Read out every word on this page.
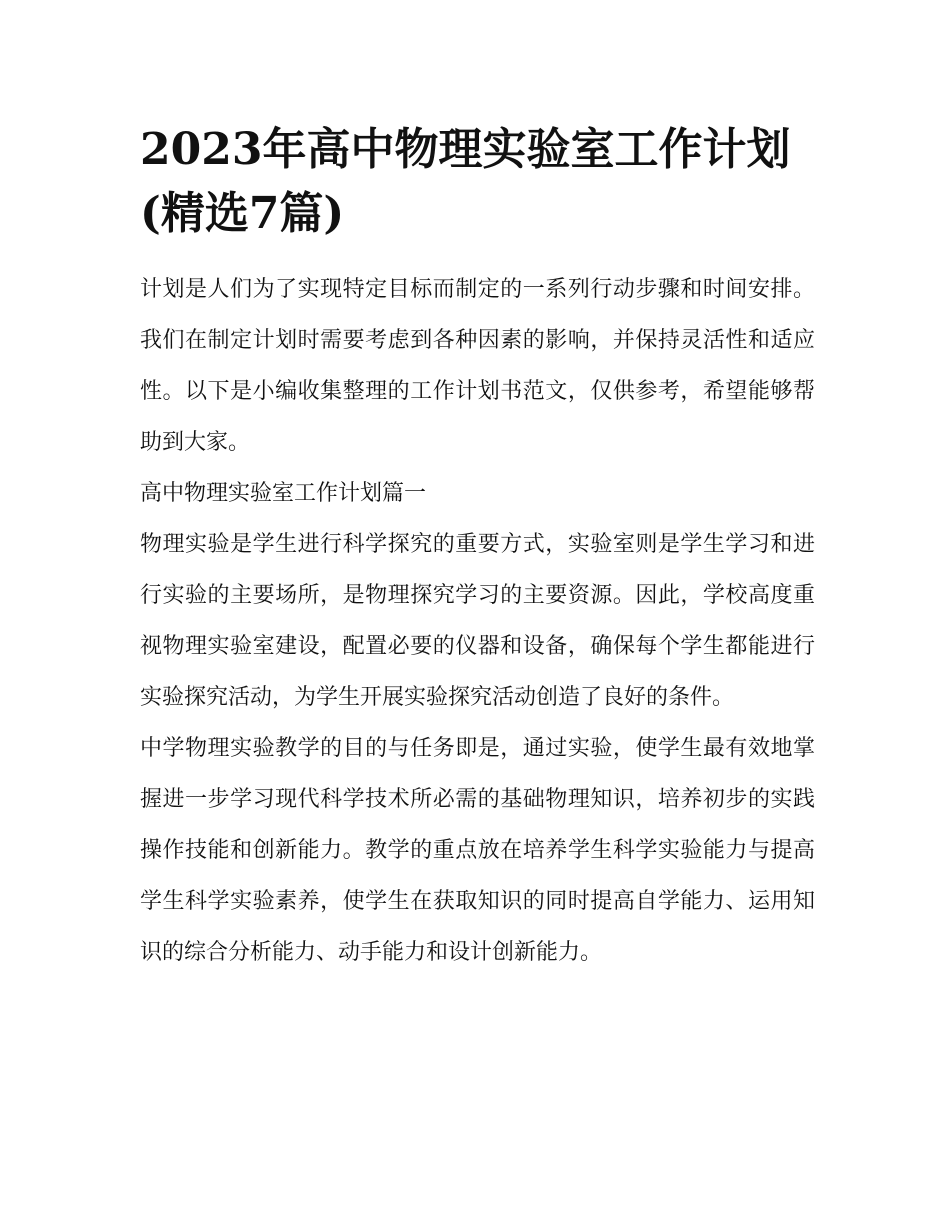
2023年高中物理实验室工作计划(精选7篇)

计划是人们为了实现特定目标而制定的一系列行动步骤和时间安排。我们在制定计划时需要考虑到各种因素的影响，并保持灵活性和适应性。以下是小编收集整理的工作计划书范文，仅供参考，希望能够帮助到大家。

高中物理实验室工作计划篇一

物理实验是学生进行科学探究的重要方式，实验室则是学生学习和进行实验的主要场所，是物理探究学习的主要资源。因此，学校高度重视物理实验室建设，配置必要的仪器和设备，确保每个学生都能进行实验探究活动，为学生开展实验探究活动创造了良好的条件。

中学物理实验教学的目的与任务即是，通过实验，使学生最有效地掌握进一步学习现代科学技术所必需的基础物理知识，培养初步的实践操作技能和创新能力。教学的重点放在培养学生科学实验能力与提高学生科学实验素养，使学生在获取知识的同时提高自学能力、运用知识的综合分析能力、动手能力和设计创新能力。
